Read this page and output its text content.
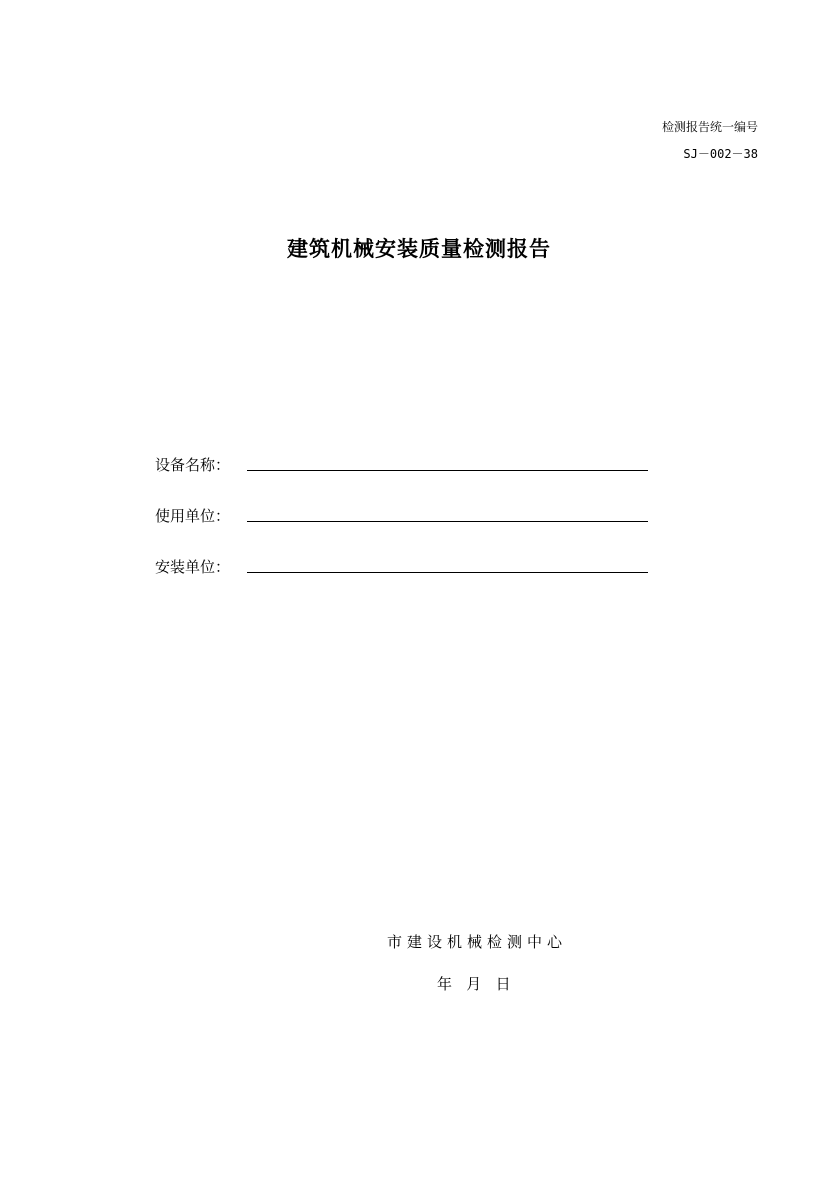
检测报告统一编号

SJ－002－38

建筑机械安装质量检测报告
设备名称：
使用单位：
安装单位：
市建设机械检测中心
年   月   日
